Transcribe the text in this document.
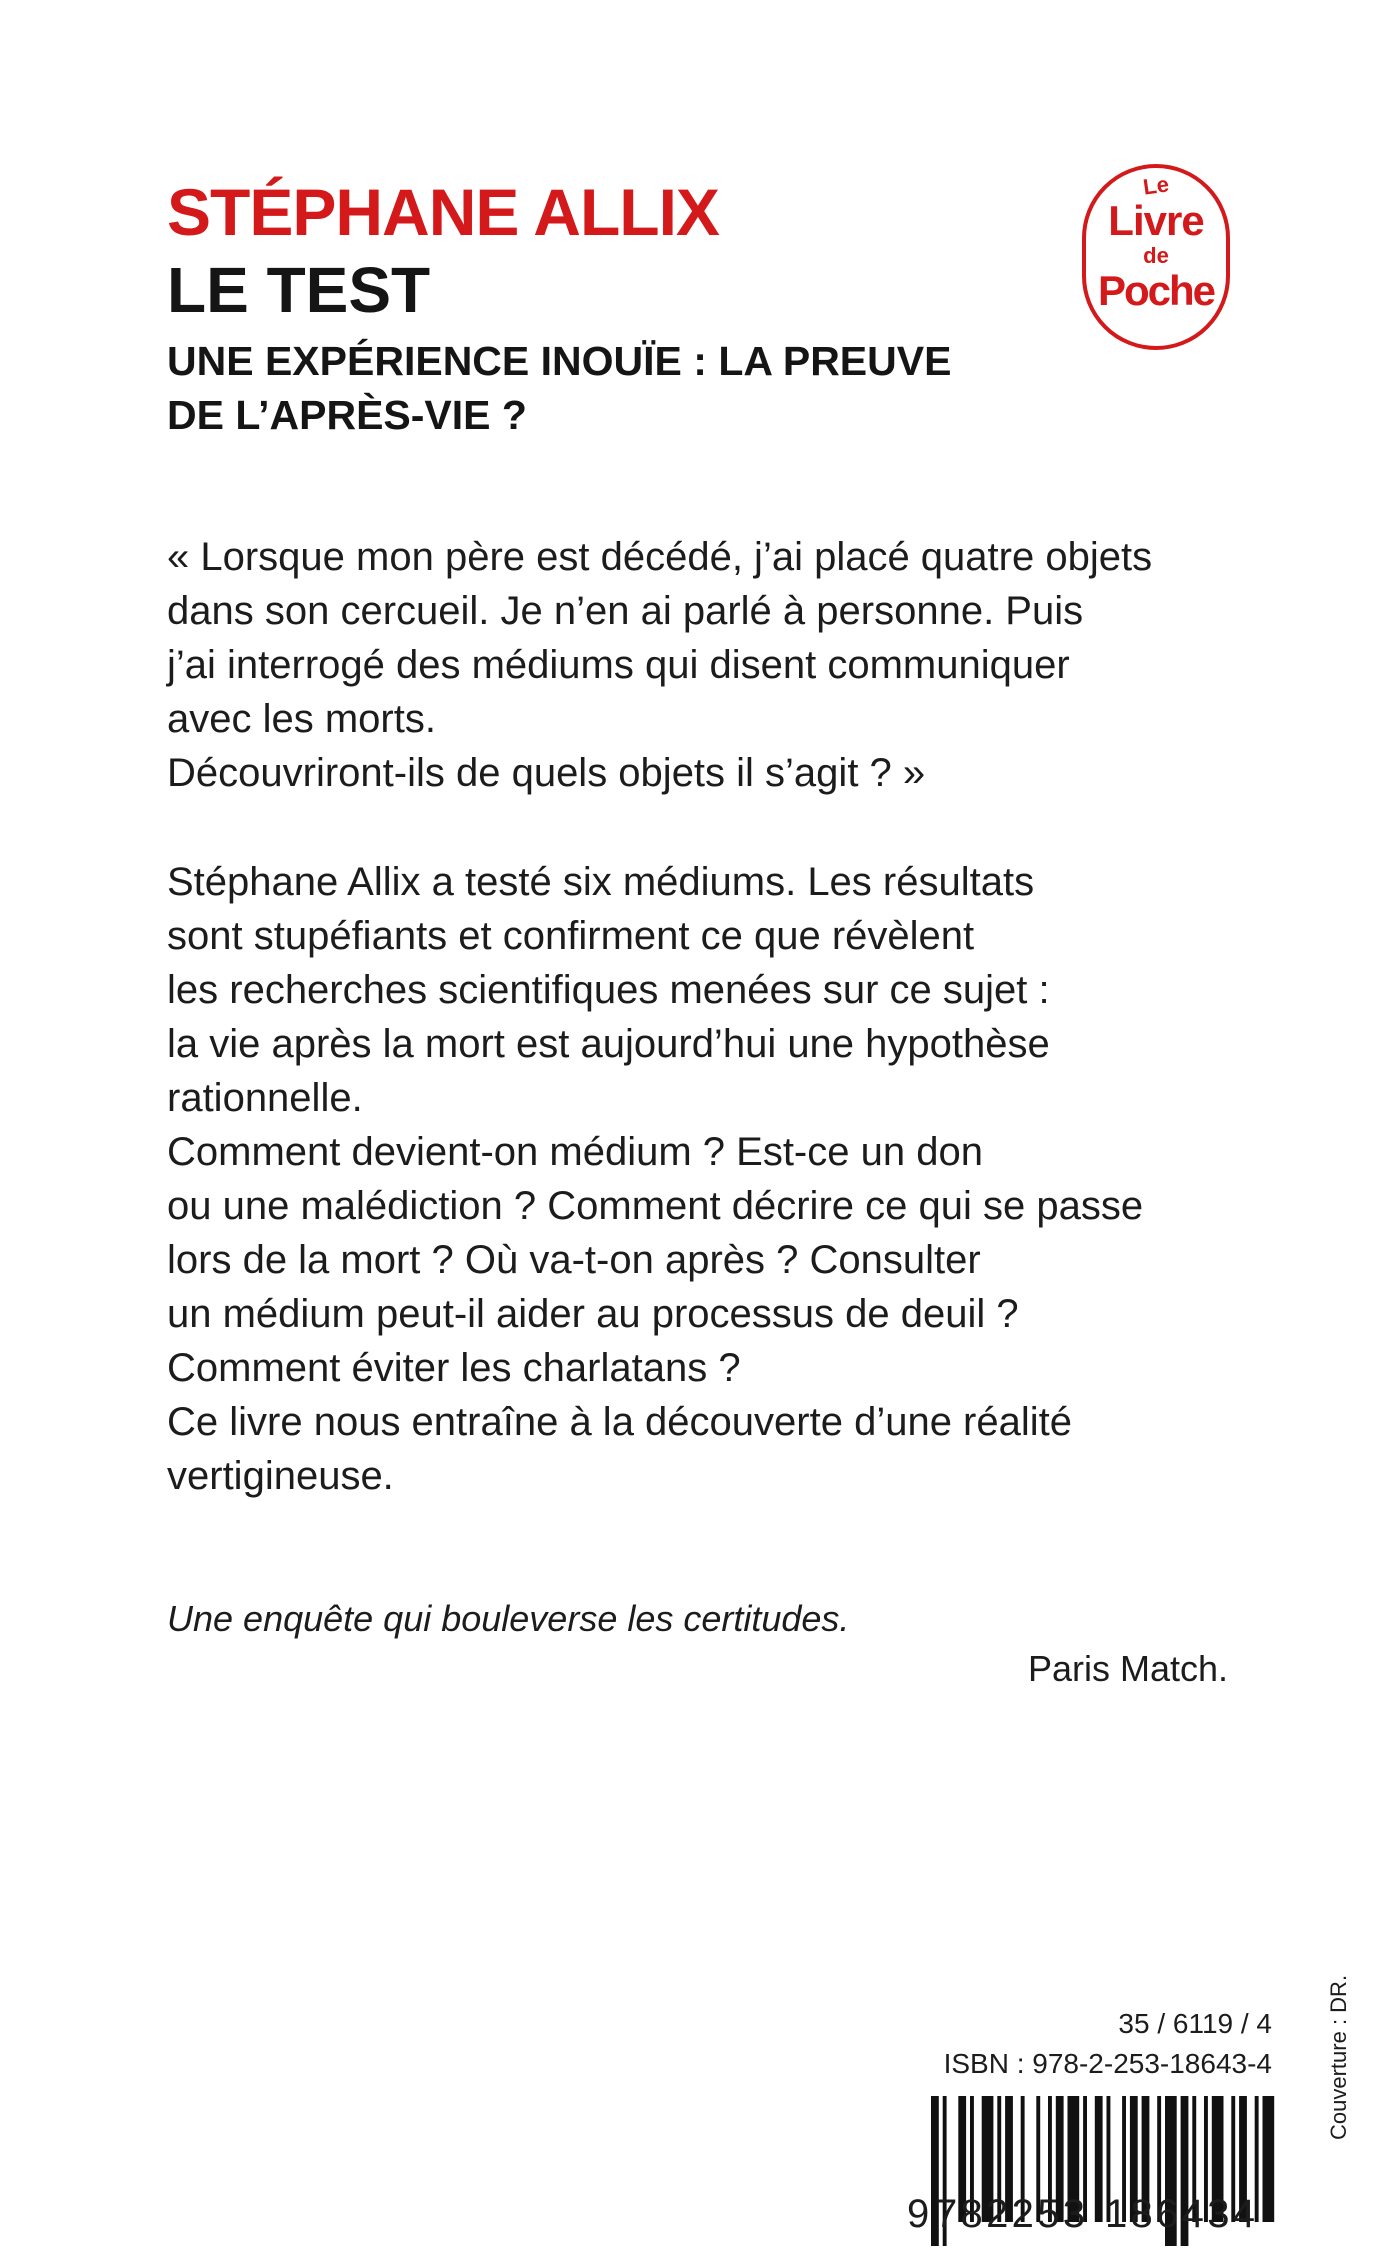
STÉPHANE ALLIX
LE TEST
UNE EXPÉRIENCE INOUÏE : LA PREUVE
DE L’APRÈS-VIE ?
Le
Livre
de
Poche
« Lorsque mon père est décédé, j’ai placé quatre objets
dans son cercueil. Je n’en ai parlé à personne. Puis
j’ai interrogé des médiums qui disent communiquer
avec les morts.
Découvriront-ils de quels objets il s’agit ? »
Stéphane Allix a testé six médiums. Les résultats
sont stupéfiants et confirment ce que révèlent
les recherches scientifiques menées sur ce sujet :
la vie après la mort est aujourd’hui une hypothèse
rationnelle.
Comment devient-on médium ? Est-ce un don
ou une malédiction ? Comment décrire ce qui se passe
lors de la mort ? Où va-t-on après ? Consulter
un médium peut-il aider au processus de deuil ?
Comment éviter les charlatans ?
Ce livre nous entraîne à la découverte d’une réalité
vertigineuse.
Une enquête qui bouleverse les certitudes.
Paris Match.
35 / 6119 / 4
ISBN : 978-2-253-18643-4
9 782253 186434
Couverture : DR.
